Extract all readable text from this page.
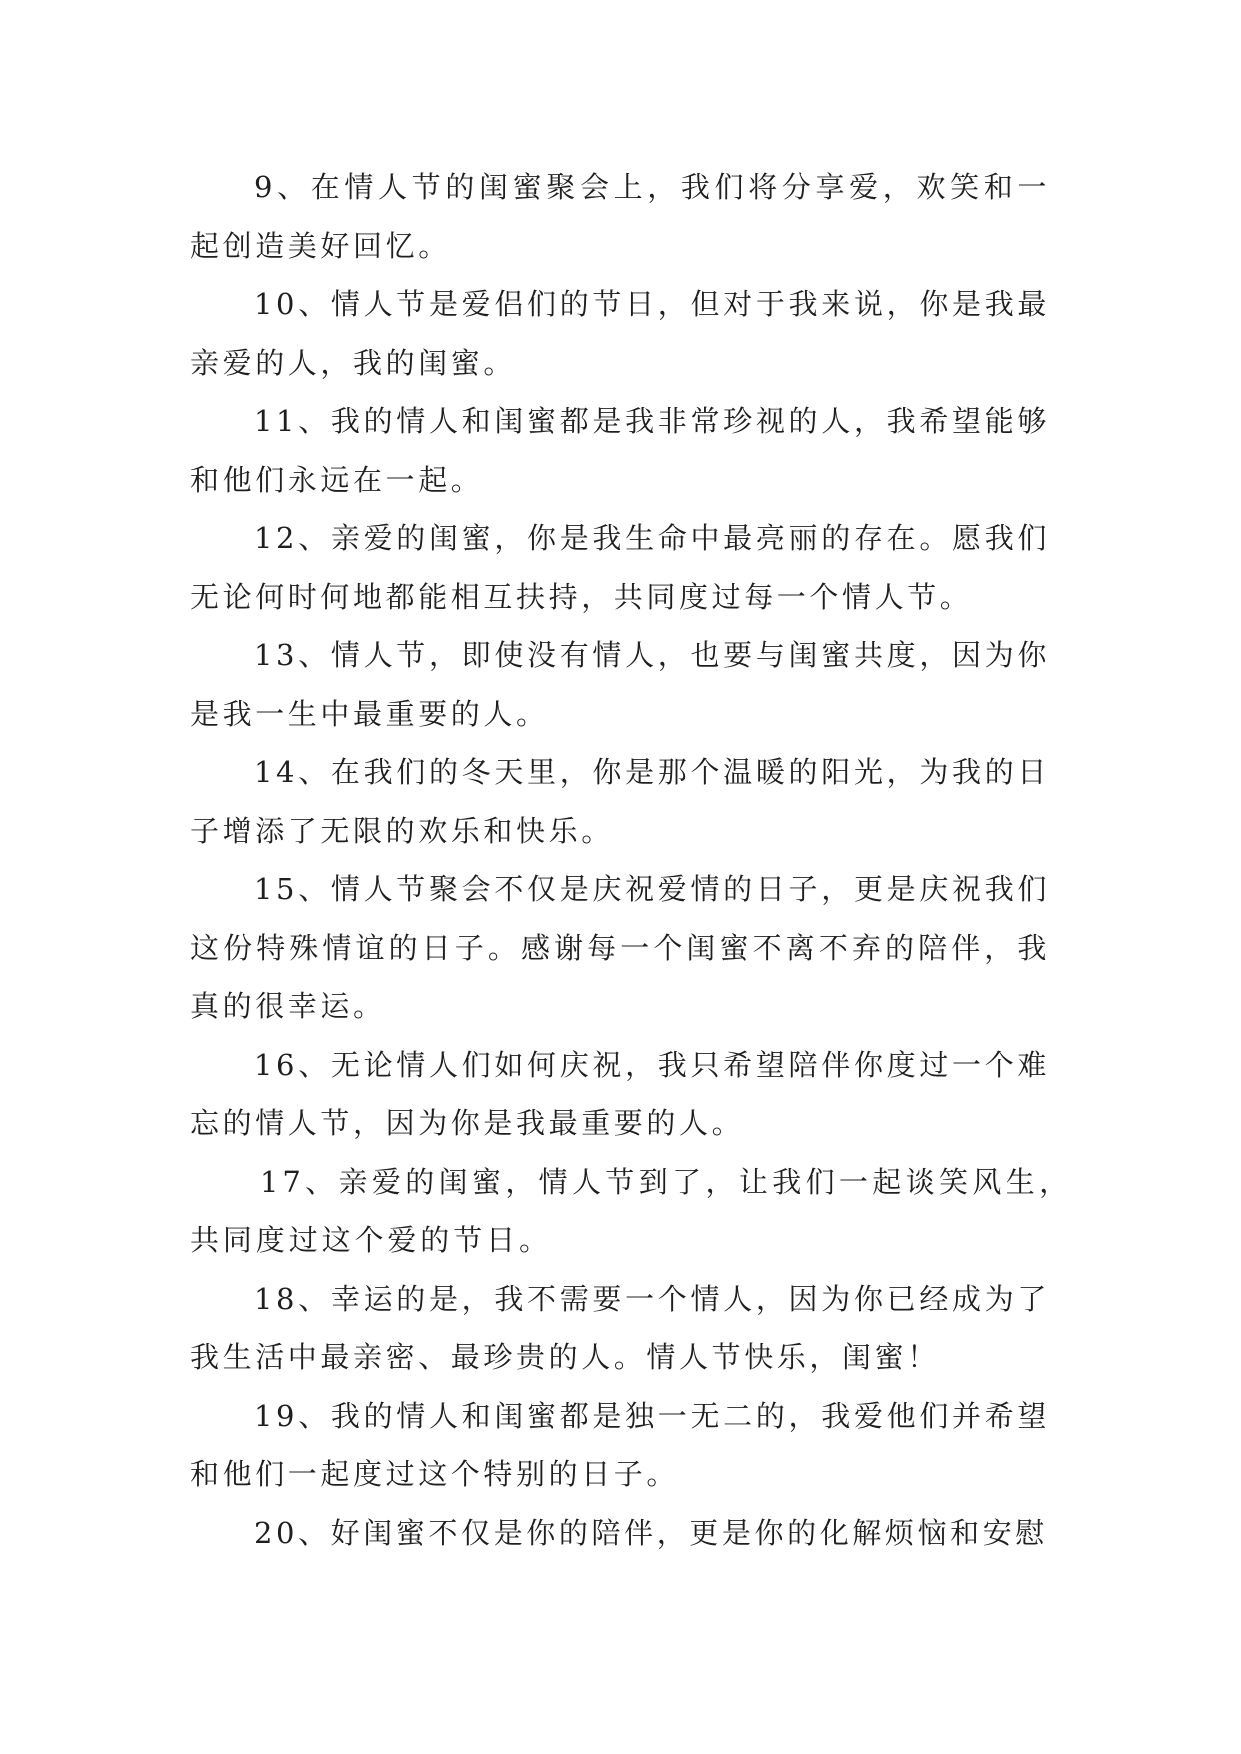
9、在情人节的闺蜜聚会上，我们将分享爱，欢笑和一起创造美好回忆。

10、情人节是爱侣们的节日，但对于我来说，你是我最亲爱的人，我的闺蜜。

11、我的情人和闺蜜都是我非常珍视的人，我希望能够和他们永远在一起。

12、亲爱的闺蜜，你是我生命中最亮丽的存在。愿我们无论何时何地都能相互扶持，共同度过每一个情人节。

13、情人节，即使没有情人，也要与闺蜜共度，因为你是我一生中最重要的人。

14、在我们的冬天里，你是那个温暖的阳光，为我的日子增添了无限的欢乐和快乐。

15、情人节聚会不仅是庆祝爱情的日子，更是庆祝我们这份特殊情谊的日子。感谢每一个闺蜜不离不弃的陪伴，我真的很幸运。

16、无论情人们如何庆祝，我只希望陪伴你度过一个难忘的情人节，因为你是我最重要的人。

17、亲爱的闺蜜，情人节到了，让我们一起谈笑风生，共同度过这个爱的节日。

18、幸运的是，我不需要一个情人，因为你已经成为了我生活中最亲密、最珍贵的人。情人节快乐，闺蜜！

19、我的情人和闺蜜都是独一无二的，我爱他们并希望和他们一起度过这个特别的日子。

20、好闺蜜不仅是你的陪伴，更是你的化解烦恼和安慰
